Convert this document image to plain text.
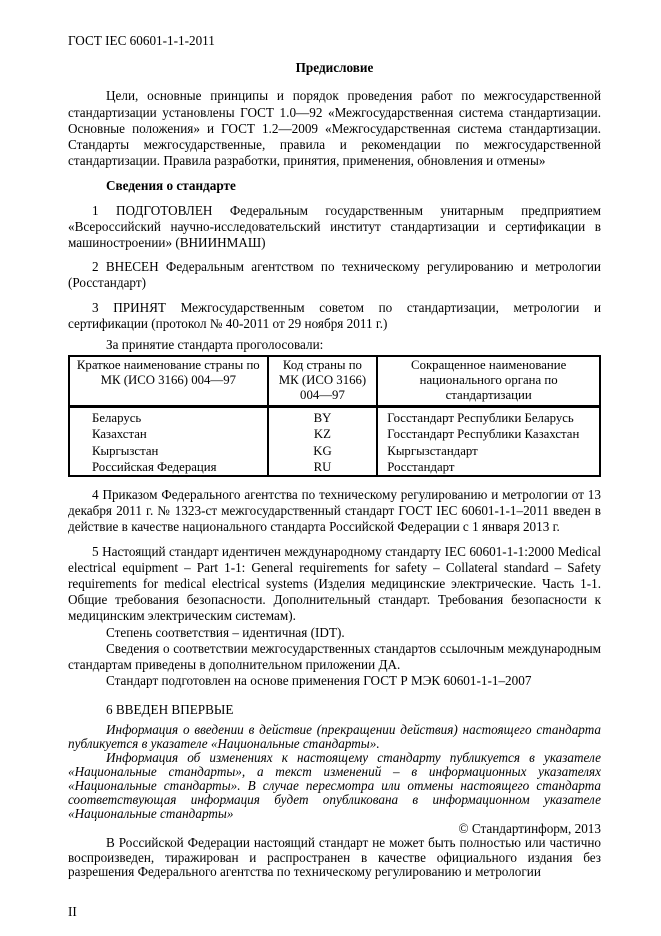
ГОСТ IEC 60601-1-1-2011

Предисловие

Цели, основные принципы и порядок проведения работ по межгосударственной стандартизации установлены ГОСТ 1.0—92 «Межгосударственная система стандартизации. Основные положения» и ГОСТ 1.2—2009 «Межгосударственная система стандартизации. Стандарты межгосударственные, правила и рекомендации по межгосударственной стандартизации. Правила разработки, принятия, применения, обновления и отмены»

Сведения о стандарте

1 ПОДГОТОВЛЕН Федеральным государственным унитарным предприятием «Всероссийский научно-исследовательский институт стандартизации и сертификации в машиностроении» (ВНИИНМАШ)

2 ВНЕСЕН Федеральным агентством по техническому регулированию и метрологии (Росстандарт)

3 ПРИНЯТ Межгосударственным советом по стандартизации, метрологии и сертификации (протокол № 40-2011 от 29 ноября 2011 г.)

За принятие стандарта проголосовали:

Краткое наименование страны по МК (ИСО 3166) 004—97	Код страны по МК (ИСО 3166) 004—97	Сокращенное наименование национального органа по стандартизации
Беларусь	BY	Госстандарт Республики Беларусь
Казахстан	KZ	Госстандарт Республики Казахстан
Кыргызстан	KG	Кыргызстандарт
Российская Федерация	RU	Росстандарт

4 Приказом Федерального агентства по техническому регулированию и метрологии от 13 декабря 2011 г. № 1323-ст межгосударственный стандарт ГОСТ IEC 60601-1-1–2011 введен в действие в качестве национального стандарта Российской Федерации с 1 января 2013 г.

5 Настоящий стандарт идентичен международному стандарту IEC 60601-1-1:2000 Medical electrical equipment – Part 1-1: General requirements for safety – Collateral standard – Safety requirements for medical electrical systems (Изделия медицинские электрические. Часть 1-1. Общие требования безопасности. Дополнительный стандарт. Требования безопасности к медицинским электрическим системам).

Степень соответствия – идентичная (IDT).

Сведения о соответствии межгосударственных стандартов ссылочным международным стандартам приведены в дополнительном приложении ДА.

Стандарт подготовлен на основе применения ГОСТ Р МЭК 60601-1-1–2007

6 ВВЕДЕН ВПЕРВЫЕ

Информация о введении в действие (прекращении действия) настоящего стандарта публикуется в указателе «Национальные стандарты».

Информация об изменениях к настоящему стандарту публикуется в указателе «Национальные стандарты», а текст изменений – в информационных указателях «Национальные стандарты». В случае пересмотра или отмены настоящего стандарта соответствующая информация будет опубликована в информационном указателе «Национальные стандарты»

© Стандартинформ, 2013

В Российской Федерации настоящий стандарт не может быть полностью или частично воспроизведен, тиражирован и распространен в качестве официального издания без разрешения Федерального агентства по техническому регулированию и метрологии

II
